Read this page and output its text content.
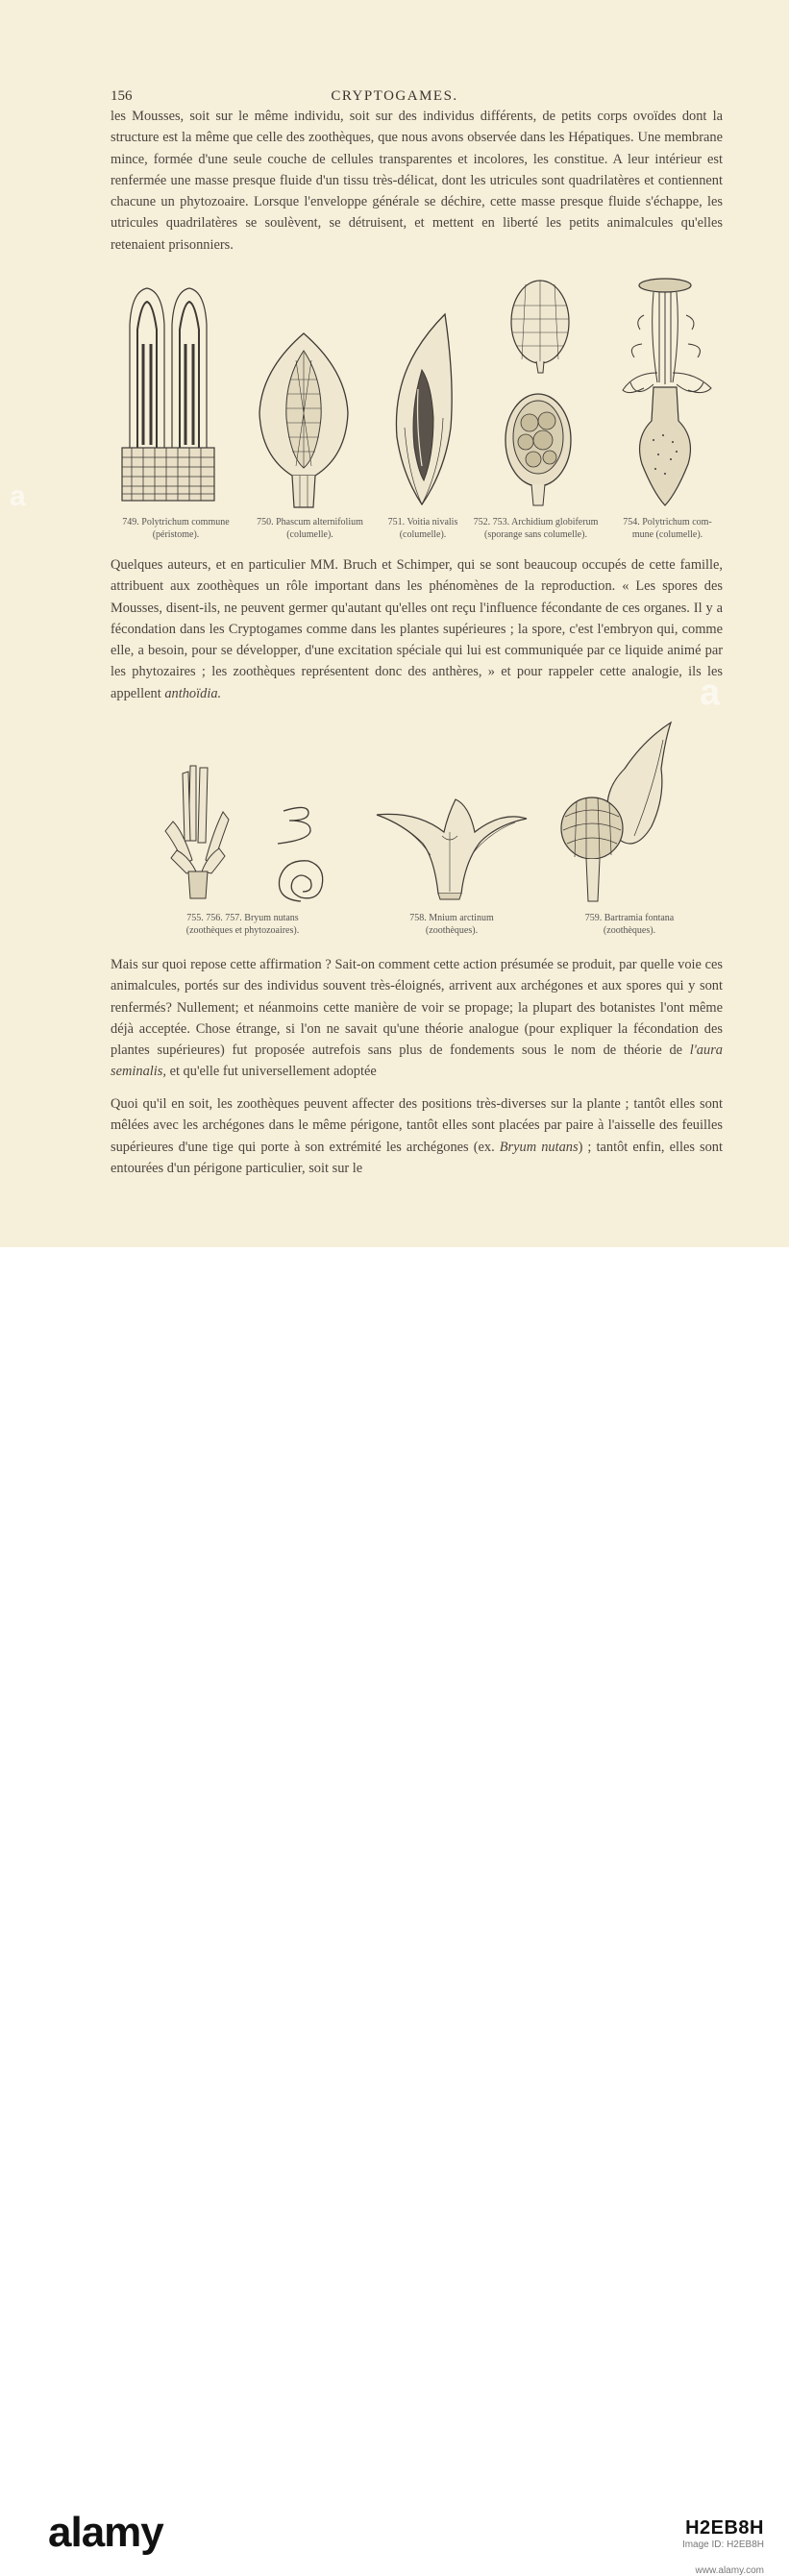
156	CRYPTOGAMES.

les Mousses, soit sur le même individu, soit sur des individus différents, de petits corps ovoïdes dont la structure est la même que celle des zoothèques, que nous avons observée dans les Hépatiques. Une membrane mince, formée d'une seule couche de cellules transparentes et incolores, les constitue. A leur intérieur est renfermée une masse presque fluide d'un tissu très-délicat, dont les utricules sont quadrilatères et contiennent chacune un phytozoaire. Lorsque l'enveloppe générale se déchire, cette masse presque fluide s'échappe, les utricules quadrilatères se soulèvent, se détruisent, et mettent en liberté les petits animalcules qu'elles retenaient prisonniers.

749. Polytrichum commune
(péristome).
750. Phascum alternifolium
(columelle).
751. Voitia nivalis
(columelle).
752. 753. Archidium globiferum
(sporange sans columelle).
754. Polytrichum com-
mune (columelle).

Quelques auteurs, et en particulier MM. Bruch et Schimper, qui se sont beaucoup occupés de cette famille, attribuent aux zoothèques un rôle important dans les phénomènes de la reproduction. « Les spores des Mousses, disent-ils, ne peuvent germer qu'autant qu'elles ont reçu l'influence fécondante de ces organes. Il y a fécondation dans les Cryptogames comme dans les plantes supérieures ; la spore, c'est l'embryon qui, comme elle, a besoin, pour se développer, d'une excitation spéciale qui lui est communiquée par ce liquide animé par les phytozaires ; les zoothèques représentent donc des anthères, » et pour rappeler cette analogie, ils les appellent anthoïdia.

755. 756. 757. Bryum nutans
(zoothèques et phytozoaires).
758. Mnium arctinum
(zoothèques).
759. Bartramia fontana
(zoothèques).

Mais sur quoi repose cette affirmation ? Sait-on comment cette action présumée se produit, par quelle voie ces animalcules, portés sur des individus souvent très-éloignés, arrivent aux archégones et aux spores qui y sont renfermés? Nullement; et néanmoins cette manière de voir se propage; la plupart des botanistes l'ont même déjà acceptée. Chose étrange, si l'on ne savait qu'une théorie analogue (pour expliquer la fécondation des plantes supérieures) fut proposée autrefois sans plus de fondements sous le nom de théorie de l'aura seminalis, et qu'elle fut universellement adoptée

Quoi qu'il en soit, les zoothèques peuvent affecter des positions très-diverses sur la plante ; tantôt elles sont mêlées avec les archégones dans le même périgone, tantôt elles sont placées par paire à l'aisselle des feuilles supérieures d'une tige qui porte à son extrémité les archégones (ex. Bryum nutans) ; tantôt enfin, elles sont entourées d'un périgone particulier, soit sur le

a
a
alamy	H2EB8H
Image ID: H2EB8H
www.alamy.com
